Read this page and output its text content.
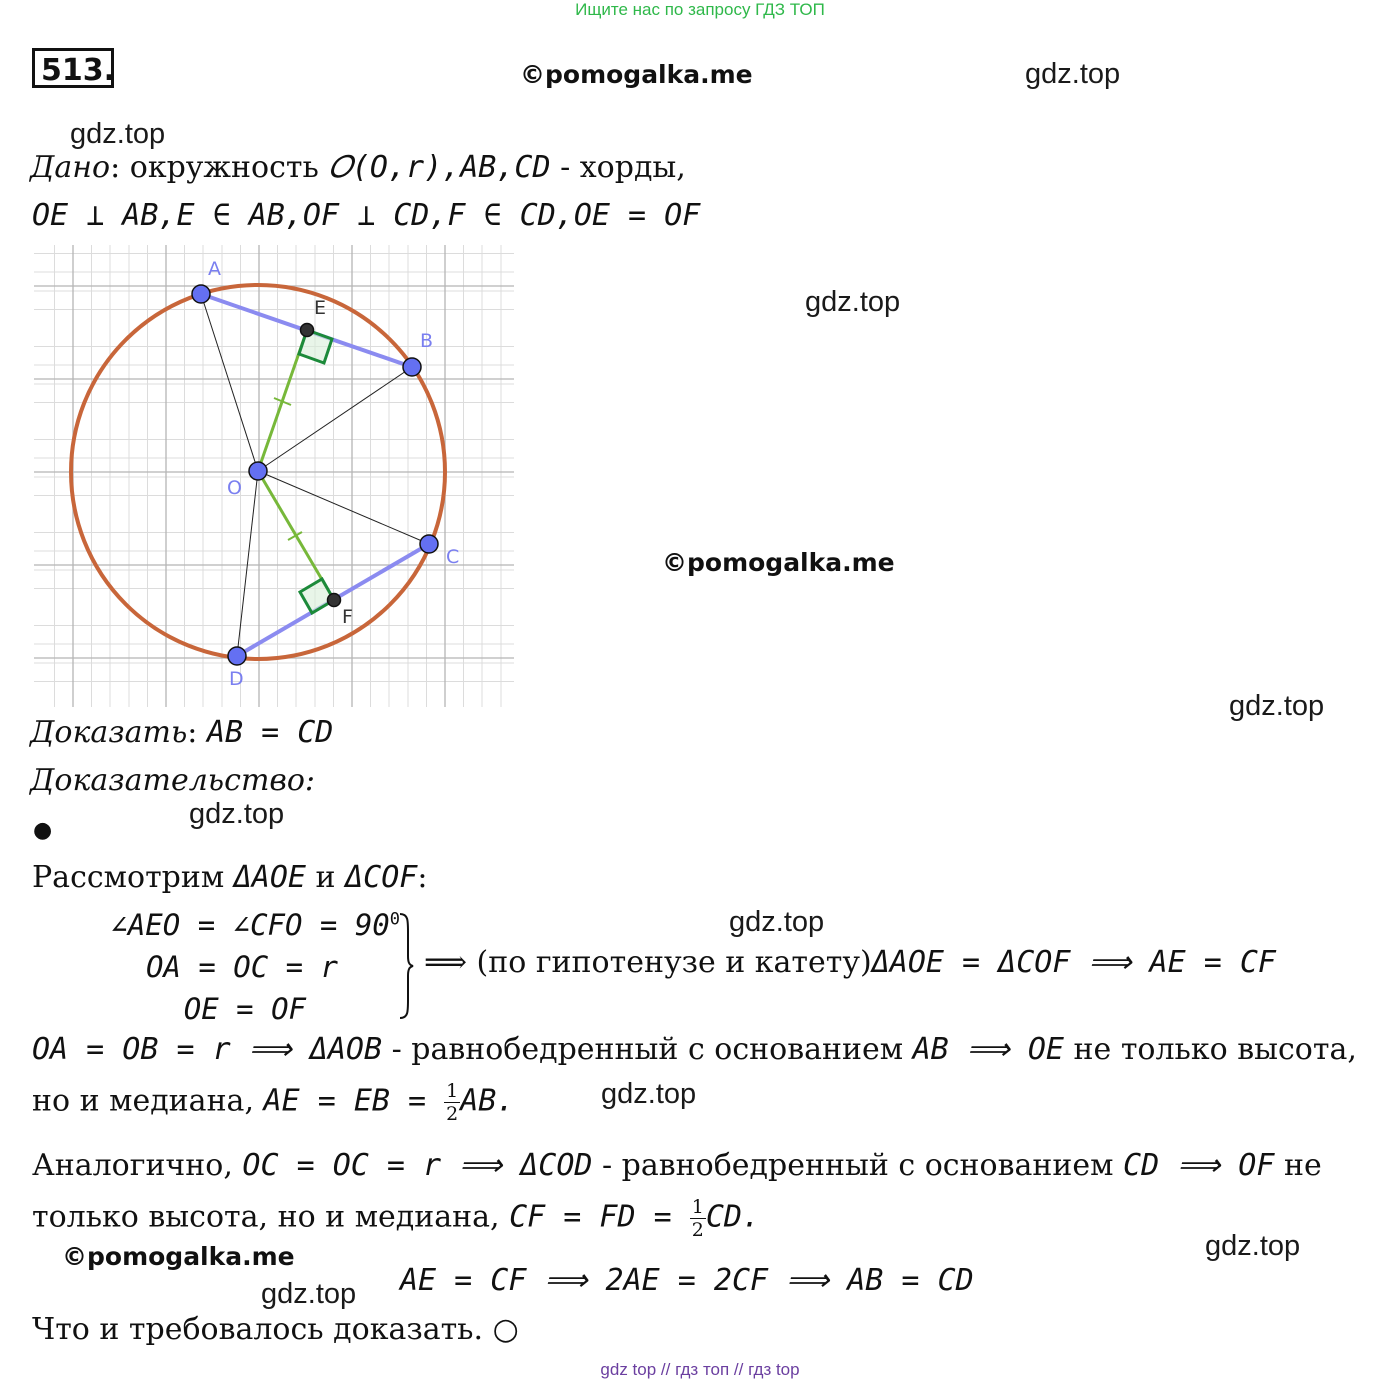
Ищите нас по запросу ГДЗ ТОП
513.	©pomogalka.me	gdz.top
gdz.top
Дано: окружность 𝑂(O,r),AB,CD - хорды,
OE ⊥ AB,E ∈ AB,OF ⊥ CD,F ∈ CD,OE = OF
A
B
C
D
O
E
F
gdz.top
©pomogalka.me
gdz.top
Доказать: AB = CD
Доказательство:
gdz.top
●
Рассмотрим ΔAOE и ΔCOF:
gdz.top
∠AEO = ∠CFO = $90^0$
OA = OC = r
OE = OF
⟹ (по гипотенузе и катету)ΔAOE = ΔCOF ⟹ AE = CF
OA = OB = r ⟹ ΔAOB - равнобедренный с основанием AB ⟹ OE не только высота,
gdz.top
но и медиана, AE = EB = $\frac{1}{2}$ AB.
Аналогично, OC = OC = r ⟹ ΔCOD - равнобедренный с основанием CD ⟹ OF не
только высота, но и медиана, CF = FD = $\frac{1}{2}$ CD.
gdz.top
©pomogalka.me
gdz.top AE = CF ⟹ 2AE = 2CF ⟹ AB = CD
Что и требовалось доказать. ○
gdz top // гдз топ // гдз top
